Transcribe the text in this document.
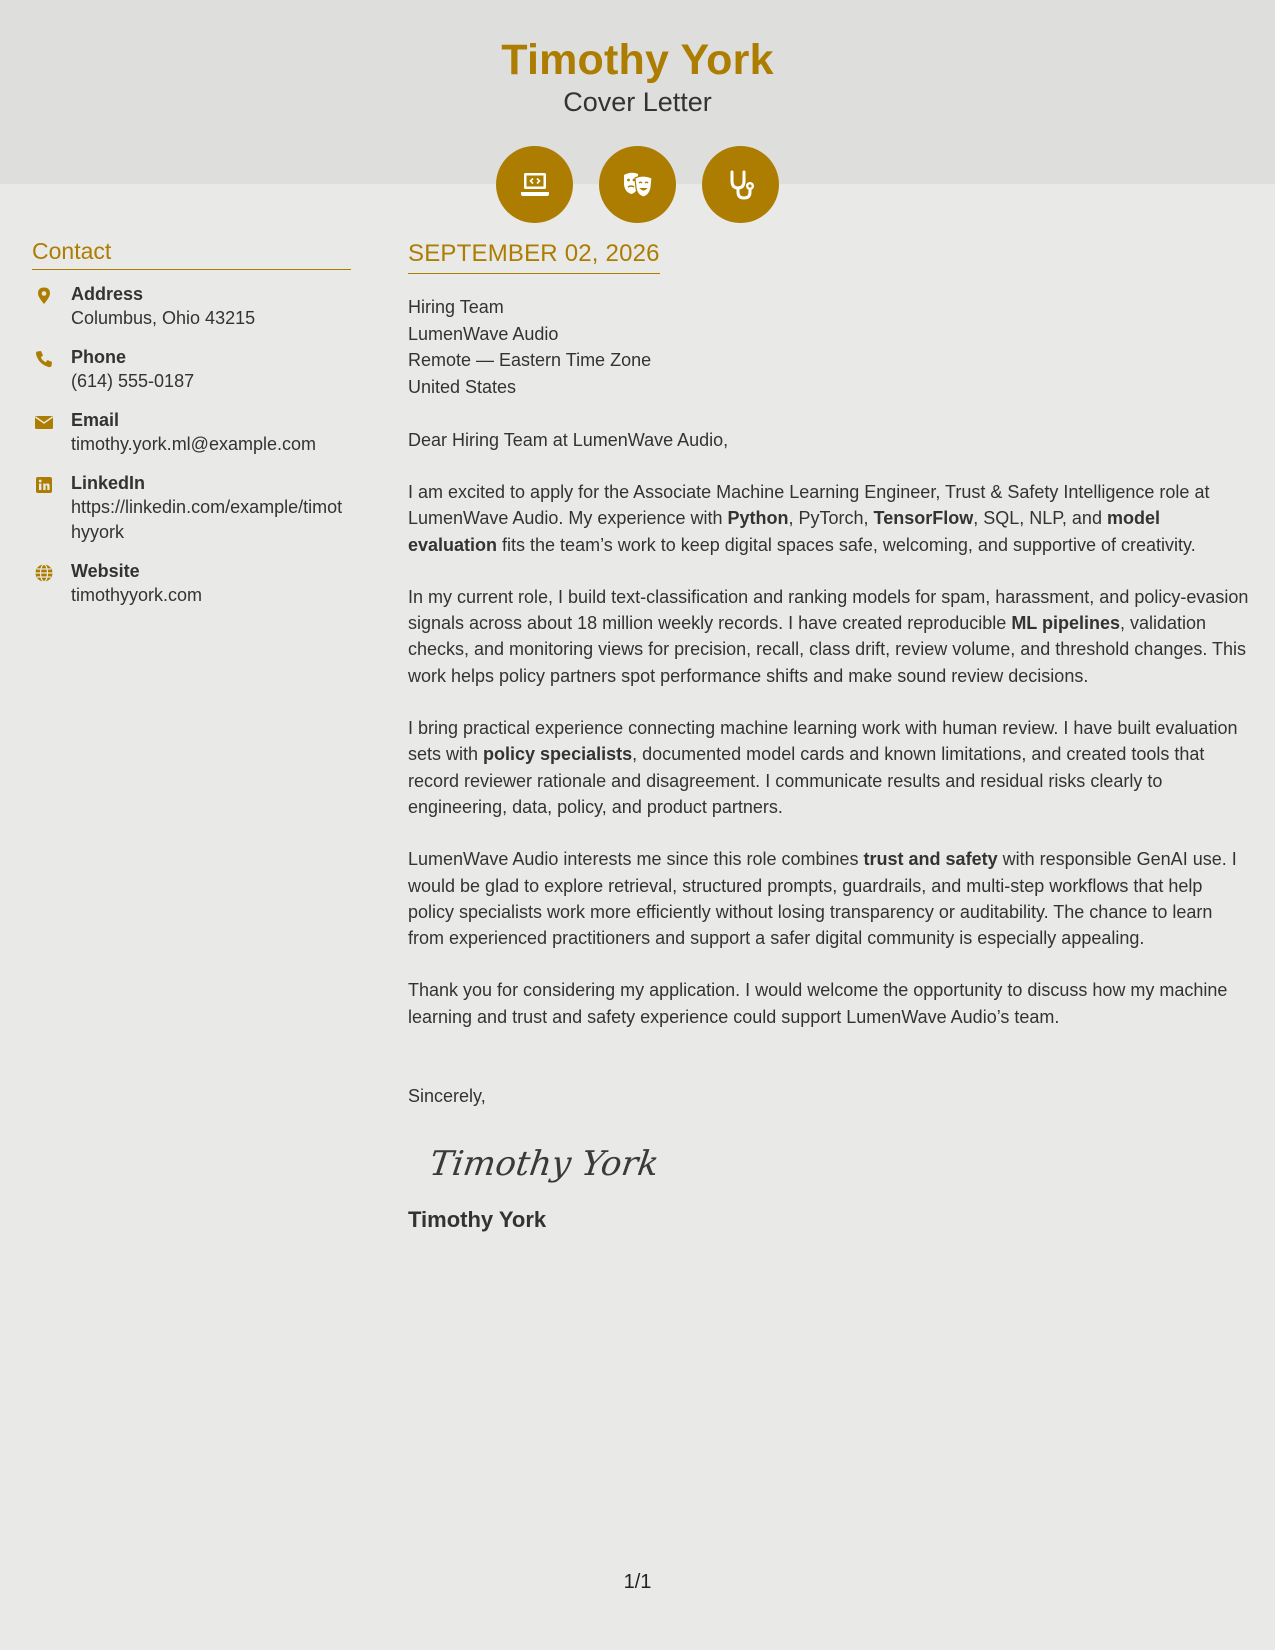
Timothy York
Cover Letter
Contact
Address
Columbus, Ohio 43215
Phone
(614) 555-0187
Email
timothy.york.ml@example.com
LinkedIn
https://linkedin.com/example/timothyyork
Website
timothyyork.com
SEPTEMBER 02, 2026
Hiring Team
LumenWave Audio
Remote — Eastern Time Zone
United States
Dear Hiring Team at LumenWave Audio,
I am excited to apply for the Associate Machine Learning Engineer, Trust & Safety Intelligence role at LumenWave Audio. My experience with Python, PyTorch, TensorFlow, SQL, NLP, and model evaluation fits the team’s work to keep digital spaces safe, welcoming, and supportive of creativity.
In my current role, I build text-classification and ranking models for spam, harassment, and policy-evasion signals across about 18 million weekly records. I have created reproducible ML pipelines, validation checks, and monitoring views for precision, recall, class drift, review volume, and threshold changes. This work helps policy partners spot performance shifts and make sound review decisions.
I bring practical experience connecting machine learning work with human review. I have built evaluation sets with policy specialists, documented model cards and known limitations, and created tools that record reviewer rationale and disagreement. I communicate results and residual risks clearly to engineering, data, policy, and product partners.
LumenWave Audio interests me since this role combines trust and safety with responsible GenAI use. I would be glad to explore retrieval, structured prompts, guardrails, and multi-step workflows that help policy specialists work more efficiently without losing transparency or auditability. The chance to learn from experienced practitioners and support a safer digital community is especially appealing.
Thank you for considering my application. I would welcome the opportunity to discuss how my machine learning and trust and safety experience could support LumenWave Audio’s team.
Sincerely,
Timothy York
Timothy York
1/1
